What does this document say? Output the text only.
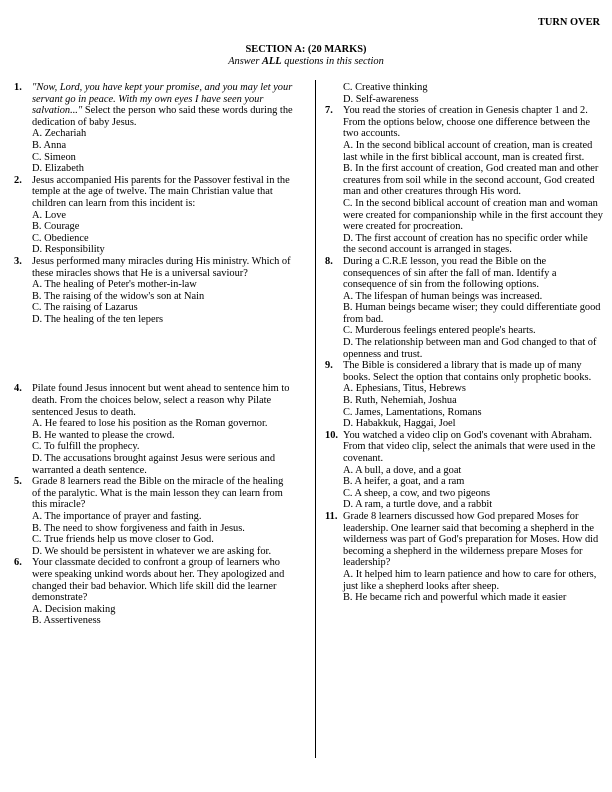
TURN OVER
SECTION A: (20 MARKS)
Answer ALL questions in this section
1. "Now, Lord, you have kept your promise, and you may let your servant go in peace. With my own eyes I have seen your salvation..." Select the person who said these words during the dedication of baby Jesus.
A. Zechariah
B. Anna
C. Simeon
D. Elizabeth
2. Jesus accompanied His parents for the Passover festival in the temple at the age of twelve. The main Christian value that children can learn from this incident is:
A. Love
B. Courage
C. Obedience
D. Responsibility
3. Jesus performed many miracles during His ministry. Which of these miracles shows that He is a universal saviour?
A. The healing of Peter's mother-in-law
B. The raising of the widow's son at Nain
C. The raising of Lazarus
D. The healing of the ten lepers
4. Pilate found Jesus innocent but went ahead to sentence him to death. From the choices below, select a reason why Pilate sentenced Jesus to death.
A. He feared to lose his position as the Roman governor.
B. He wanted to please the crowd.
C. To fulfill the prophecy.
D. The accusations brought against Jesus were serious and warranted a death sentence.
5. Grade 8 learners read the Bible on the miracle of the healing of the paralytic. What is the main lesson they can learn from this miracle?
A. The importance of prayer and fasting.
B. The need to show forgiveness and faith in Jesus.
C. True friends help us move closer to God.
D. We should be persistent in whatever we are asking for.
6. Your classmate decided to confront a group of learners who were speaking unkind words about her. They apologized and changed their bad behavior. Which life skill did the learner demonstrate?
A. Decision making
B. Assertiveness
C. Creative thinking
D. Self-awareness
7. You read the stories of creation in Genesis chapter 1 and 2. From the options below, choose one difference between the two accounts.
A. In the second biblical account of creation, man is created last while in the first biblical account, man is created first.
B. In the first account of creation, God created man and other creatures from soil while in the second account, God created man and other creatures through His word.
C. In the second biblical account of creation man and woman were created for companionship while in the first account they were created for procreation.
D. The first account of creation has no specific order while the second account is arranged in stages.
8. During a C.R.E lesson, you read the Bible on the consequences of sin after the fall of man. Identify a consequence of sin from the following options.
A. The lifespan of human beings was increased.
B. Human beings became wiser; they could differentiate good from bad.
C. Murderous feelings entered people's hearts.
D. The relationship between man and God changed to that of openness and trust.
9. The Bible is considered a library that is made up of many books. Select the option that contains only prophetic books.
A. Ephesians, Titus, Hebrews
B. Ruth, Nehemiah, Joshua
C. James, Lamentations, Romans
D. Habakkuk, Haggai, Joel
10. You watched a video clip on God's covenant with Abraham. From that video clip, select the animals that were used in the covenant.
A. A bull, a dove, and a goat
B. A heifer, a goat, and a ram
C. A sheep, a cow, and two pigeons
D. A ram, a turtle dove, and a rabbit
11. Grade 8 learners discussed how God prepared Moses for leadership. One learner said that becoming a shepherd in the wilderness was part of God's preparation for Moses. How did becoming a shepherd in the wilderness prepare Moses for leadership?
A. It helped him to learn patience and how to care for others, just like a shepherd looks after sheep.
B. He became rich and powerful which made it easier
